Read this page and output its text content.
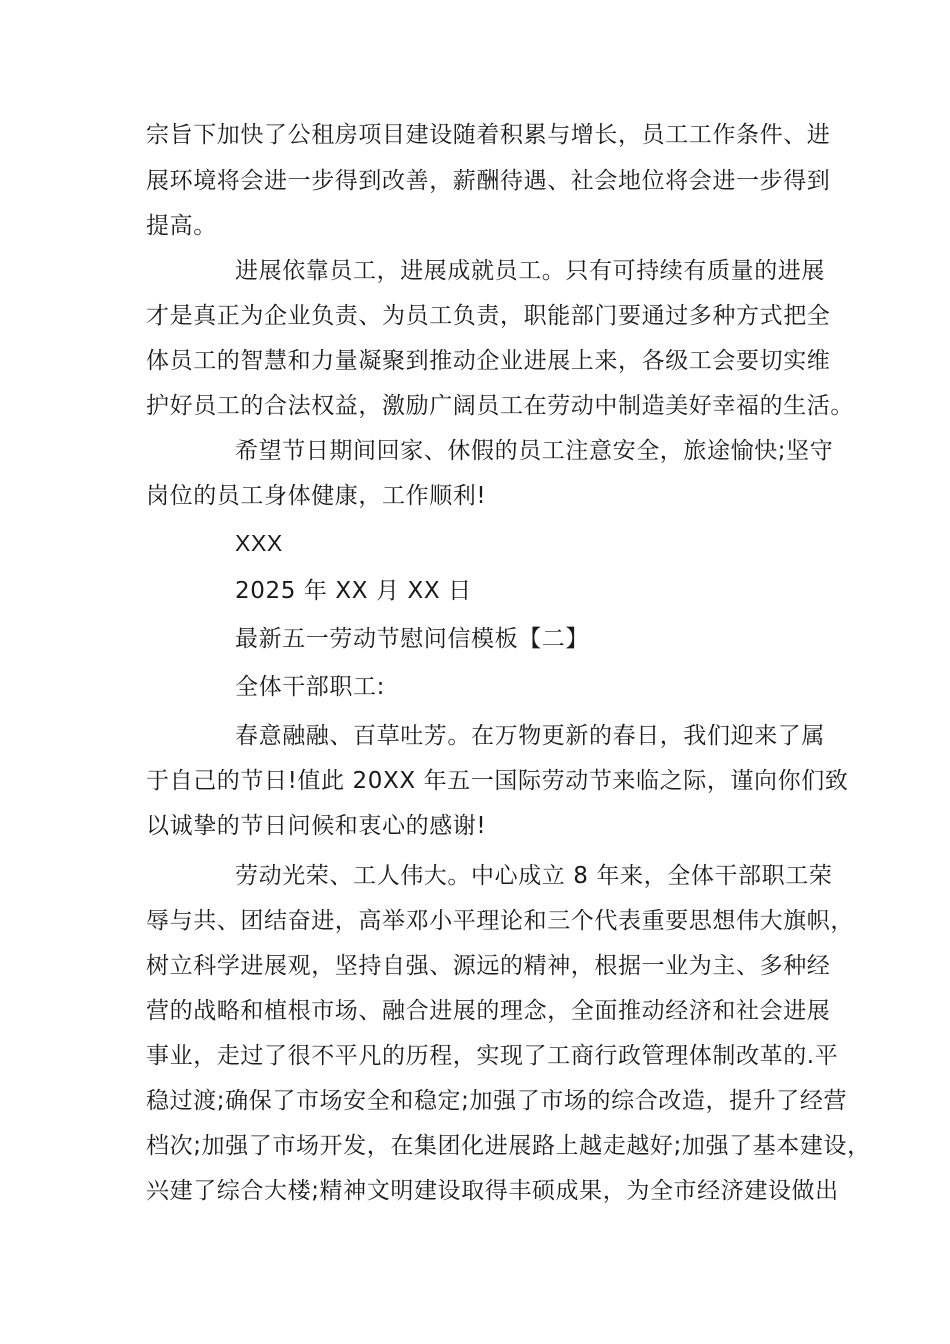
宗旨下加快了公租房项目建设随着积累与增长，员工工作条件、进
展环境将会进一步得到改善，薪酬待遇、社会地位将会进一步得到
提高。
进展依靠员工，进展成就员工。只有可持续有质量的进展
才是真正为企业负责、为员工负责，职能部门要通过多种方式把全
体员工的智慧和力量凝聚到推动企业进展上来，各级工会要切实维
护好员工的合法权益，激励广阔员工在劳动中制造美好幸福的生活。
希望节日期间回家、休假的员工注意安全，旅途愉快;坚守
岗位的员工身体健康，工作顺利!
XXX
2025 年 XX 月 XX 日
最新五一劳动节慰问信模板【二】
全体干部职工:
春意融融、百草吐芳。在万物更新的春日，我们迎来了属
于自己的节日!值此 20XX 年五一国际劳动节来临之际，谨向你们致
以诚挚的节日问候和衷心的感谢!
劳动光荣、工人伟大。中心成立 8 年来，全体干部职工荣
辱与共、团结奋进，高举邓小平理论和三个代表重要思想伟大旗帜，
树立科学进展观，坚持自强、源远的精神，根据一业为主、多种经
营的战略和植根市场、融合进展的理念，全面推动经济和社会进展
事业，走过了很不平凡的历程，实现了工商行政管理体制改革的.平
稳过渡;确保了市场安全和稳定;加强了市场的综合改造，提升了经营
档次;加强了市场开发，在集团化进展路上越走越好;加强了基本建设，
兴建了综合大楼;精神文明建设取得丰硕成果，为全市经济建设做出
